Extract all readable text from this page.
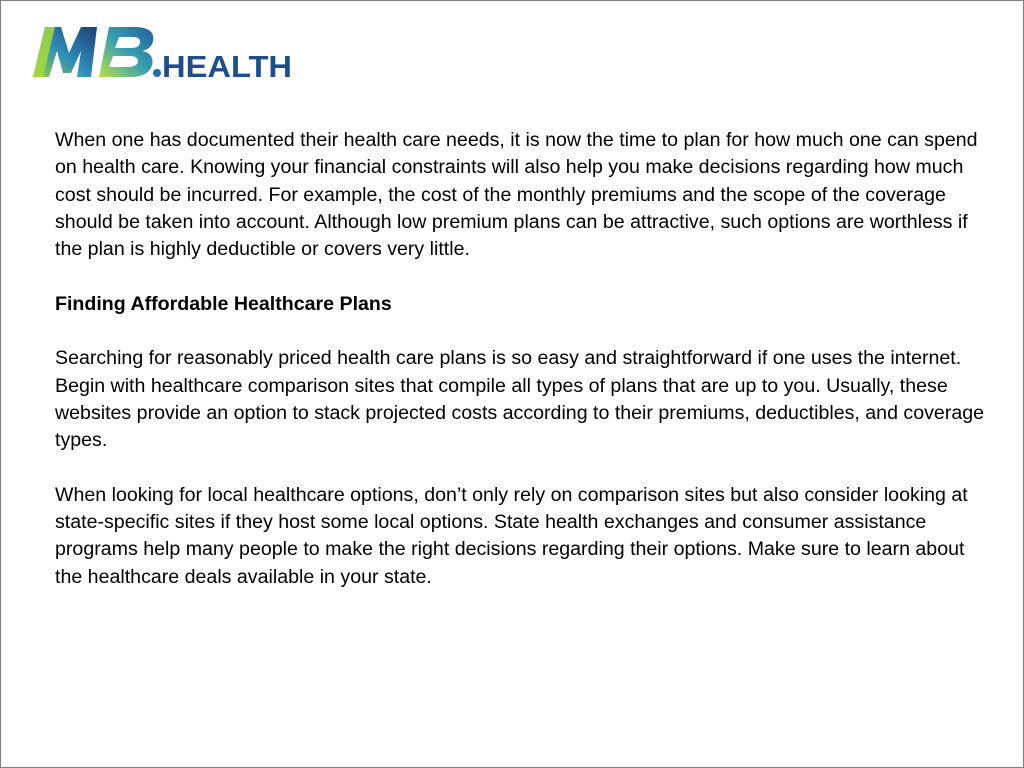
HEALTH

When one has documented their health care needs, it is now the time to plan for how much one can spend on health care. Knowing your financial constraints will also help you make decisions regarding how much cost should be incurred. For example, the cost of the monthly premiums and the scope of the coverage should be taken into account. Although low premium plans can be attractive, such options are worthless if the plan is highly deductible or covers very little.

Finding Affordable Healthcare Plans

Searching for reasonably priced health care plans is so easy and straightforward if one uses the internet. Begin with healthcare comparison sites that compile all types of plans that are up to you. Usually, these websites provide an option to stack projected costs according to their premiums, deductibles, and coverage types.

When looking for local healthcare options, don’t only rely on comparison sites but also consider looking at state-specific sites if they host some local options. State health exchanges and consumer assistance programs help many people to make the right decisions regarding their options. Make sure to learn about the healthcare deals available in your state.
